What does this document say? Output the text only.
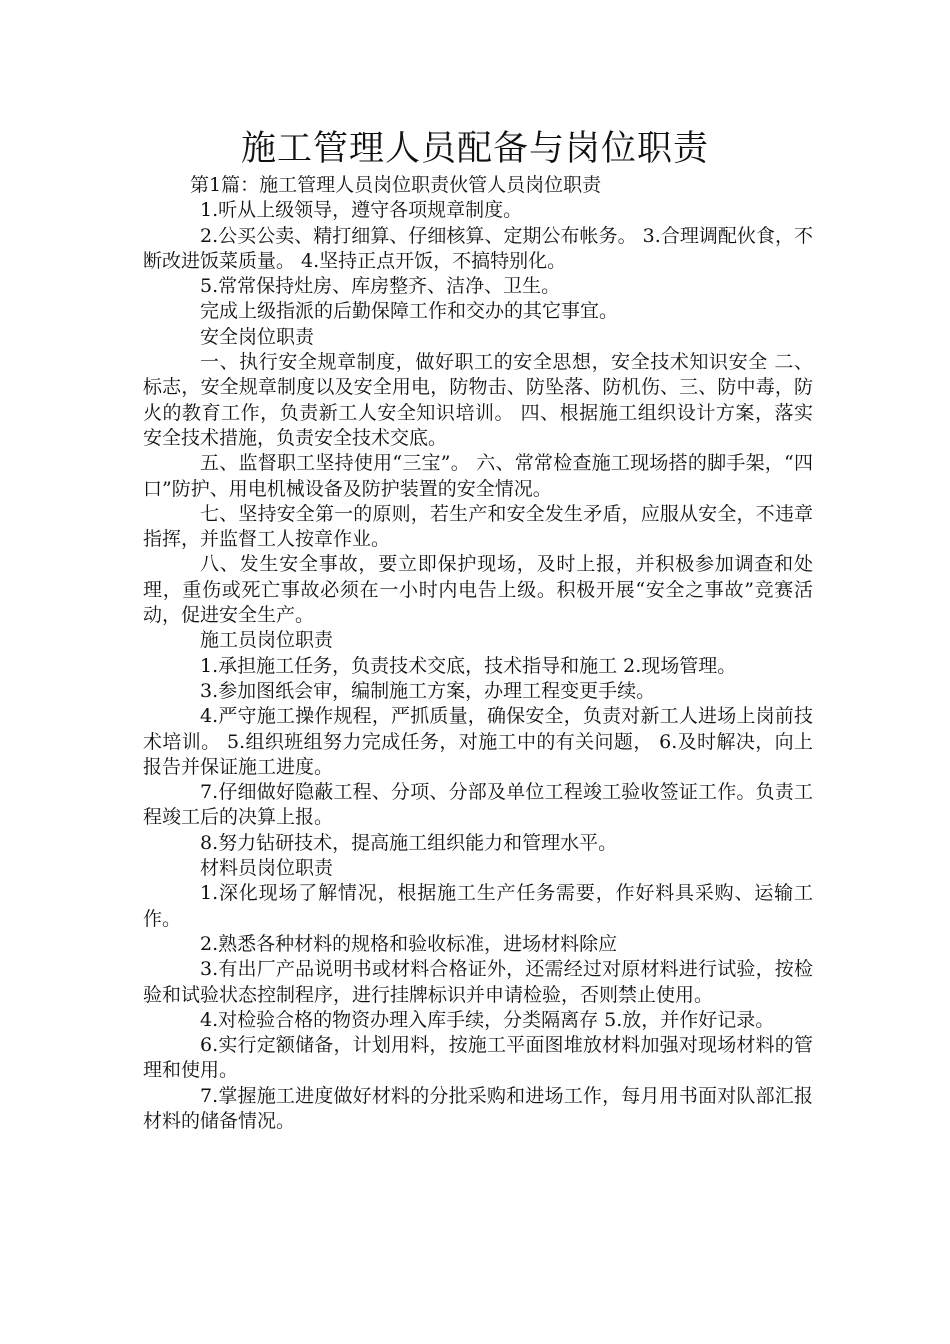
施工管理人员配备与岗位职责

第1篇：施工管理人员岗位职责伙管人员岗位职责

1.听从上级领导，遵守各项规章制度。

2.公买公卖、精打细算、仔细核算、定期公布帐务。 3.合理调配伙食，不断改进饭菜质量。 4.坚持正点开饭，不搞特别化。

5.常常保持灶房、库房整齐、洁净、卫生。

完成上级指派的后勤保障工作和交办的其它事宜。

安全岗位职责

一、执行安全规章制度，做好职工的安全思想，安全技术知识安全 二、标志，安全规章制度以及安全用电，防物击、防坠落、防机伤、三、防中毒，防火的教育工作，负责新工人安全知识培训。 四、根据施工组织设计方案，落实安全技术措施，负责安全技术交底。

五、监督职工坚持使用“三宝”。 六、常常检查施工现场搭的脚手架，“四口”防护、用电机械设备及防护装置的安全情况。

七、坚持安全第一的原则，若生产和安全发生矛盾，应服从安全，不违章指挥，并监督工人按章作业。

八、发生安全事故，要立即保护现场，及时上报，并积极参加调查和处理，重伤或死亡事故必须在一小时内电告上级。积极开展“安全之事故”竞赛活动，促进安全生产。

施工员岗位职责

1.承担施工任务，负责技术交底，技术指导和施工 2.现场管理。

3.参加图纸会审，编制施工方案，办理工程变更手续。

4.严守施工操作规程，严抓质量，确保安全，负责对新工人进场上岗前技术培训。 5.组织班组努力完成任务，对施工中的有关问题， 6.及时解决，向上报告并保证施工进度。

7.仔细做好隐蔽工程、分项、分部及单位工程竣工验收签证工作。负责工程竣工后的决算上报。

8.努力钻研技术，提高施工组织能力和管理水平。

材料员岗位职责

1.深化现场了解情况，根据施工生产任务需要，作好料具采购、运输工作。

2.熟悉各种材料的规格和验收标准，进场材料除应

3.有出厂产品说明书或材料合格证外，还需经过对原材料进行试验，按检验和试验状态控制程序，进行挂牌标识并申请检验，否则禁止使用。

4.对检验合格的物资办理入库手续，分类隔离存 5.放，并作好记录。

6.实行定额储备，计划用料，按施工平面图堆放材料加强对现场材料的管理和使用。

7.掌握施工进度做好材料的分批采购和进场工作，每月用书面对队部汇报材料的储备情况。
